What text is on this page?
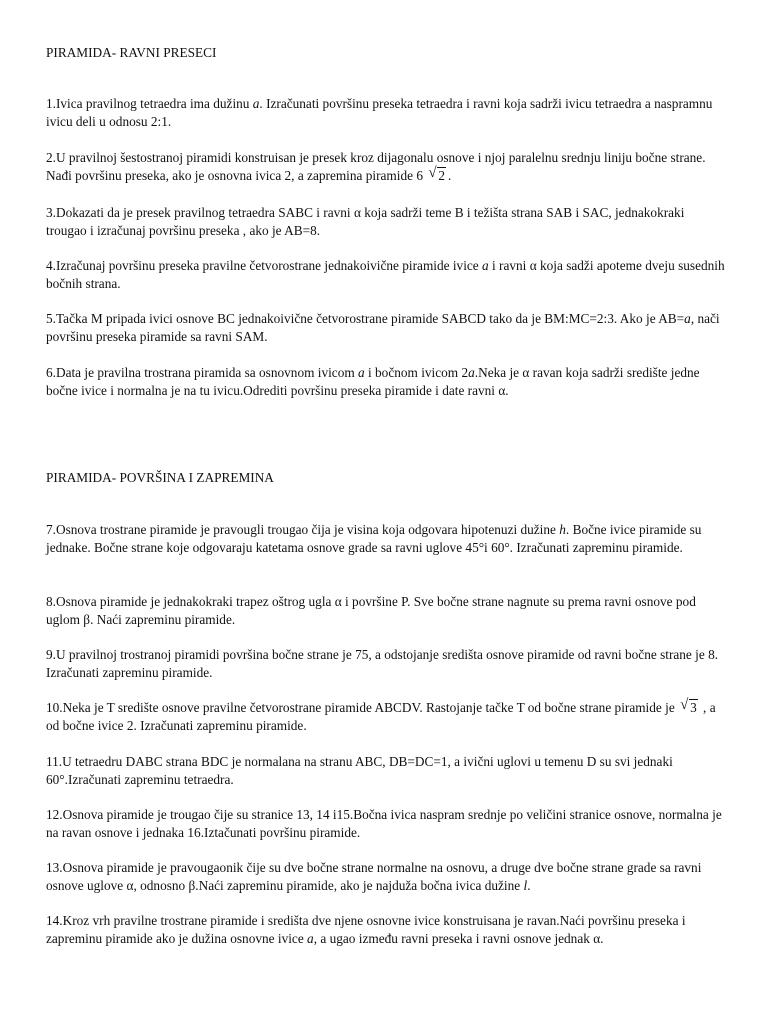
PIRAMIDA- RAVNI PRESECI

1.Ivica pravilnog tetraedra ima dužinu a. Izračunati površinu preseka tetraedra i ravni koja sadrži ivicu tetraedra a naspramnu ivicu deli u odnosu 2:1.

2.U pravilnoj šestostranoj piramidi konstruisan je presek kroz dijagonalu osnove i njoj paralelnu srednju liniju bočne strane. Nađi površinu preseka, ako je osnovna ivica 2, a zapremina piramide 6 √ 2 .

3.Dokazati da je presek pravilnog tetraedra SABC i ravni α koja sadrži teme B i težišta strana SAB i SAC, jednakokraki trougao i izračunaj površinu preseka , ako je AB=8.

4.Izračunaj površinu preseka pravilne četvorostrane jednakoivične piramide ivice a i ravni α koja sadži apoteme dveju susednih bočnih strana.

5.Tačka M pripada ivici osnove BC jednakoivične četvorostrane piramide SABCD tako da je BM:MC=2:3. Ako je AB=a, nači površinu preseka piramide sa ravni SAM.

6.Data je pravilna trostrana piramida sa osnovnom ivicom a i bočnom ivicom 2a.Neka je α ravan koja sadrži središte jedne bočne ivice i normalna je na tu ivicu.Odrediti površinu preseka piramide i date ravni α.

PIRAMIDA- POVRŠINA I ZAPREMINA

7.Osnova trostrane piramide je pravougli trougao čija je visina koja odgovara hipotenuzi dužine h. Bočne ivice piramide su jednake. Bočne strane koje odgovaraju katetama osnove grade sa ravni uglove 45°i 60°. Izračunati zapreminu piramide.

8.Osnova piramide je jednakokraki trapez oštrog ugla α i površine P. Sve bočne strane nagnute su prema ravni osnove pod uglom β. Naći zapreminu piramide.

9.U pravilnoj trostranoj piramidi površina bočne strane je 75, a odstojanje središta osnove piramide od ravni bočne strane je 8. Izračunati zapreminu piramide.

10.Neka je T središte osnove pravilne četvorostrane piramide ABCDV. Rastojanje tačke T od bočne strane piramide je √ 3 , a od bočne ivice 2. Izračunati zapreminu piramide.

11.U tetraedru DABC strana BDC je normalana na stranu ABC, DB=DC=1, a ivični uglovi u temenu D su svi jednaki 60°.Izračunati zapreminu tetraedra.

12.Osnova piramide je trougao čije su stranice 13, 14 i15.Bočna ivica naspram srednje po veličini stranice osnove, normalna je na ravan osnove i jednaka 16.Iztačunati površinu piramide.

13.Osnova piramide je pravougaonik čije su dve bočne strane normalne na osnovu, a druge dve bočne strane grade sa ravni osnove uglove α, odnosno β.Naći zapreminu piramide, ako je najduža bočna ivica dužine l.

14.Kroz vrh pravilne trostrane piramide i središta dve njene osnovne ivice konstruisana je ravan.Naći površinu preseka i zapreminu piramide ako je dužina osnovne ivice a, a ugao između ravni preseka i ravni osnove jednak α.
